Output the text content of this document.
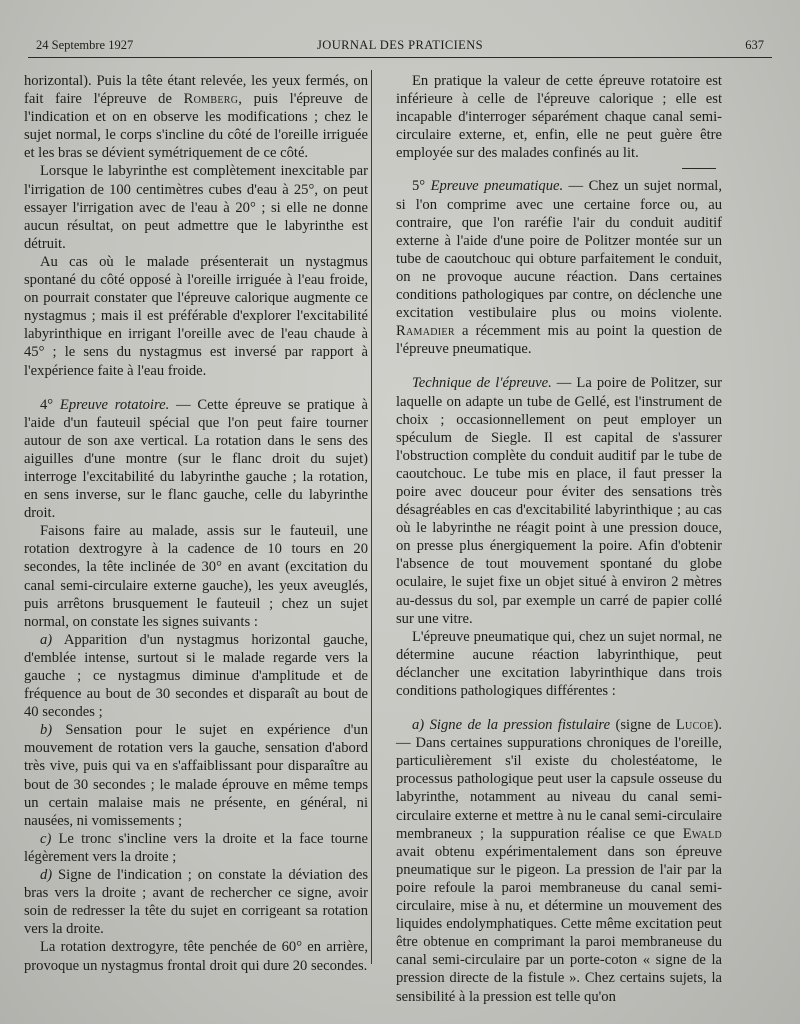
24 Septembre 1927	JOURNAL DES PRATICIENS	637

horizontal). Puis la tête étant relevée, les yeux fermés, on fait faire l'épreuve de Romberg, puis l'épreuve de l'indication et on en observe les modifications ; chez le sujet normal, le corps s'incline du côté de l'oreille irriguée et les bras se dévient symétriquement de ce côté.

Lorsque le labyrinthe est complètement inexcitable par l'irrigation de 100 centimètres cubes d'eau à 25°, on peut essayer l'irrigation avec de l'eau à 20° ; si elle ne donne aucun résultat, on peut admettre que le labyrinthe est détruit.

Au cas où le malade présenterait un nystagmus spontané du côté opposé à l'oreille irriguée à l'eau froide, on pourrait constater que l'épreuve calorique augmente ce nystagmus ; mais il est préférable d'explorer l'excitabilité labyrinthique en irrigant l'oreille avec de l'eau chaude à 45° ; le sens du nystagmus est inversé par rapport à l'expérience faite à l'eau froide.

4° Epreuve rotatoire. — Cette épreuve se pratique à l'aide d'un fauteuil spécial que l'on peut faire tourner autour de son axe vertical. La rotation dans le sens des aiguilles d'une montre (sur le flanc droit du sujet) interroge l'excitabilité du labyrinthe gauche ; la rotation, en sens inverse, sur le flanc gauche, celle du labyrinthe droit.

Faisons faire au malade, assis sur le fauteuil, une rotation dextrogyre à la cadence de 10 tours en 20 secondes, la tête inclinée de 30° en avant (excitation du canal semi-circulaire externe gauche), les yeux aveuglés, puis arrêtons brusquement le fauteuil ; chez un sujet normal, on constate les signes suivants :

a) Apparition d'un nystagmus horizontal gauche, d'emblée intense, surtout si le malade regarde vers la gauche ; ce nystagmus diminue d'amplitude et de fréquence au bout de 30 secondes et disparaît au bout de 40 secondes ;

b) Sensation pour le sujet en expérience d'un mouvement de rotation vers la gauche, sensation d'abord très vive, puis qui va en s'affaiblissant pour disparaître au bout de 30 secondes ; le malade éprouve en même temps un certain malaise mais ne présente, en général, ni nausées, ni vomissements ;

c) Le tronc s'incline vers la droite et la face tourne légèrement vers la droite ;

d) Signe de l'indication ; on constate la déviation des bras vers la droite ; avant de rechercher ce signe, avoir soin de redresser la tête du sujet en corrigeant sa rotation vers la droite.

La rotation dextrogyre, tête penchée de 60° en arrière, provoque un nystagmus frontal droit qui dure 20 secondes.

En pratique la valeur de cette épreuve rotatoire est inférieure à celle de l'épreuve calorique ; elle est incapable d'interroger séparément chaque canal semi-circulaire externe, et, enfin, elle ne peut guère être employée sur des malades confinés au lit.

5° Epreuve pneumatique. — Chez un sujet normal, si l'on comprime avec une certaine force ou, au contraire, que l'on raréfie l'air du conduit auditif externe à l'aide d'une poire de Politzer montée sur un tube de caoutchouc qui obture parfaitement le conduit, on ne provoque aucune réaction. Dans certaines conditions pathologiques par contre, on déclenche une excitation vestibulaire plus ou moins violente. Ramadier a récemment mis au point la question de l'épreuve pneumatique.

Technique de l'épreuve. — La poire de Politzer, sur laquelle on adapte un tube de Gellé, est l'instrument de choix ; occasionnellement on peut employer un spéculum de Siegle. Il est capital de s'assurer l'obstruction complète du conduit auditif par le tube de caoutchouc. Le tube mis en place, il faut presser la poire avec douceur pour éviter des sensations très désagréables en cas d'excitabilité labyrinthique ; au cas où le labyrinthe ne réagit point à une pression douce, on presse plus énergiquement la poire. Afin d'obtenir l'absence de tout mouvement spontané du globe oculaire, le sujet fixe un objet situé à environ 2 mètres au-dessus du sol, par exemple un carré de papier collé sur une vitre.

L'épreuve pneumatique qui, chez un sujet normal, ne détermine aucune réaction labyrinthique, peut déclancher une excitation labyrinthique dans trois conditions pathologiques différentes :

a) Signe de la pression fistulaire (signe de Lucoe). — Dans certaines suppurations chroniques de l'oreille, particulièrement s'il existe du cholestéatome, le processus pathologique peut user la capsule osseuse du labyrinthe, notamment au niveau du canal semi-circulaire externe et mettre à nu le canal semi-circulaire membraneux ; la suppuration réalise ce que Ewald avait obtenu expérimentalement dans son épreuve pneumatique sur le pigeon. La pression de l'air par la poire refoule la paroi membraneuse du canal semi-circulaire, mise à nu, et détermine un mouvement des liquides endolymphatiques. Cette même excitation peut être obtenue en comprimant la paroi membraneuse du canal semi-circulaire par un porte-coton « signe de la pression directe de la fistule ». Chez certains sujets, la sensibilité à la pression est telle qu'on
